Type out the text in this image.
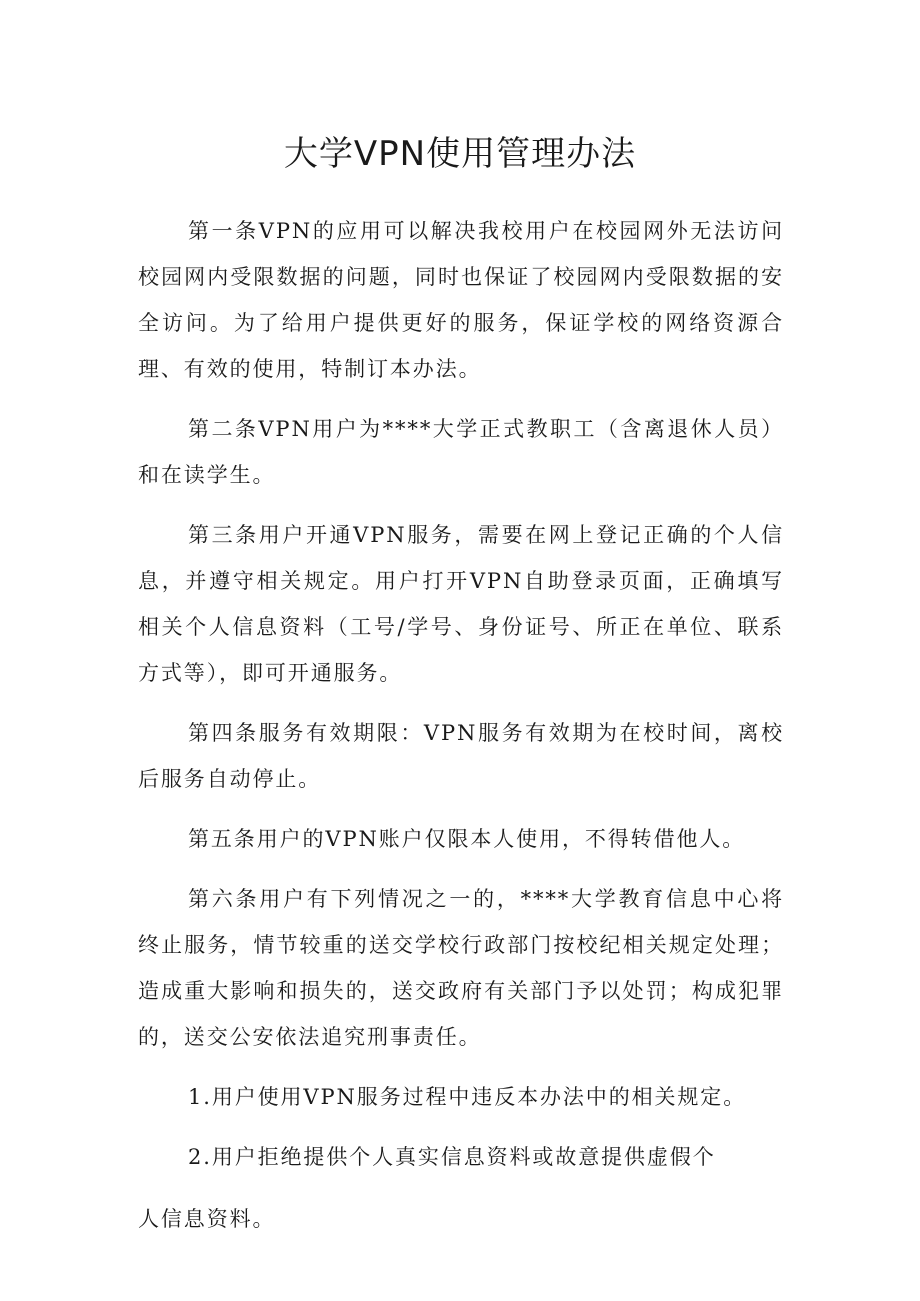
大学VPN使用管理办法

第一条VPN的应用可以解决我校用户在校园网外无法访问校园网内受限数据的问题，同时也保证了校园网内受限数据的安全访问。为了给用户提供更好的服务，保证学校的网络资源合理、有效的使用，特制订本办法。

第二条VPN用户为****大学正式教职工（含离退休人员）和在读学生。

第三条用户开通VPN服务，需要在网上登记正确的个人信息，并遵守相关规定。用户打开VPN自助登录页面，正确填写相关个人信息资料（工号/学号、身份证号、所正在单位、联系方式等），即可开通服务。

第四条服务有效期限：VPN服务有效期为在校时间，离校后服务自动停止。

第五条用户的VPN账户仅限本人使用，不得转借他人。

第六条用户有下列情况之一的，****大学教育信息中心将终止服务，情节较重的送交学校行政部门按校纪相关规定处理；造成重大影响和损失的，送交政府有关部门予以处罚；构成犯罪的，送交公安依法追究刑事责任。

1.用户使用VPN服务过程中违反本办法中的相关规定。

2.用户拒绝提供个人真实信息资料或故意提供虚假个

人信息资料。
